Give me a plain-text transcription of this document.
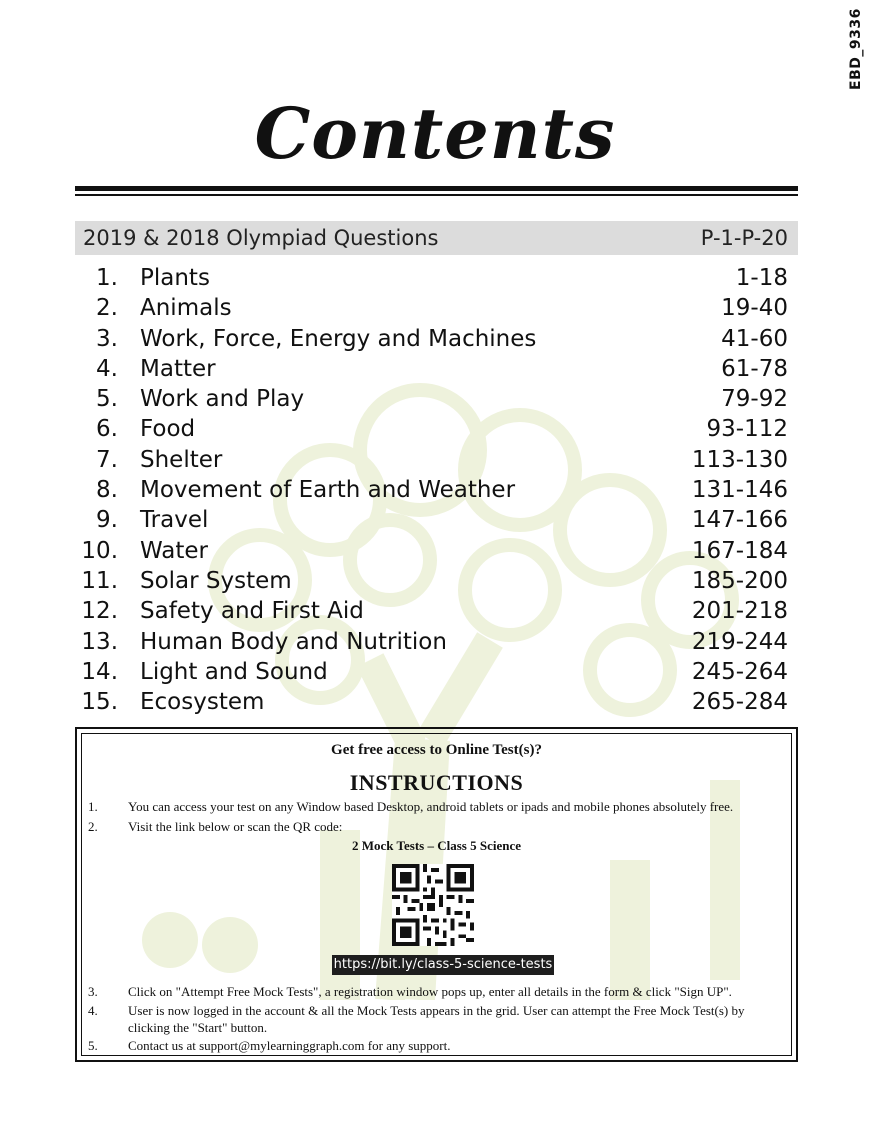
EBD_9336
Contents
2019 & 2018 Olympiad Questions	P-1-P-20
1. Plants	1-18
2. Animals	19-40
3. Work, Force, Energy and Machines	41-60
4. Matter	61-78
5. Work and Play	79-92
6. Food	93-112
7. Shelter	113-130
8. Movement of Earth and Weather	131-146
9. Travel	147-166
10. Water	167-184
11. Solar System	185-200
12. Safety and First Aid	201-218
13. Human Body and Nutrition	219-244
14. Light and Sound	245-264
15. Ecosystem	265-284
Get free access to Online Test(s)?
INSTRUCTIONS
1. You can access your test on any Window based Desktop, android tablets or ipads and mobile phones absolutely free.
2. Visit the link below or scan the QR code:
2 Mock Tests – Class 5 Science
https://bit.ly/class-5-science-tests
3. Click on "Attempt Free Mock Tests", a registration window pops up, enter all details in the form & click "Sign UP".
4. User is now logged in the account & all the Mock Tests appears in the grid. User can attempt the Free Mock Test(s) by clicking the "Start" button.
5. Contact us at support@mylearninggraph.com for any support.
